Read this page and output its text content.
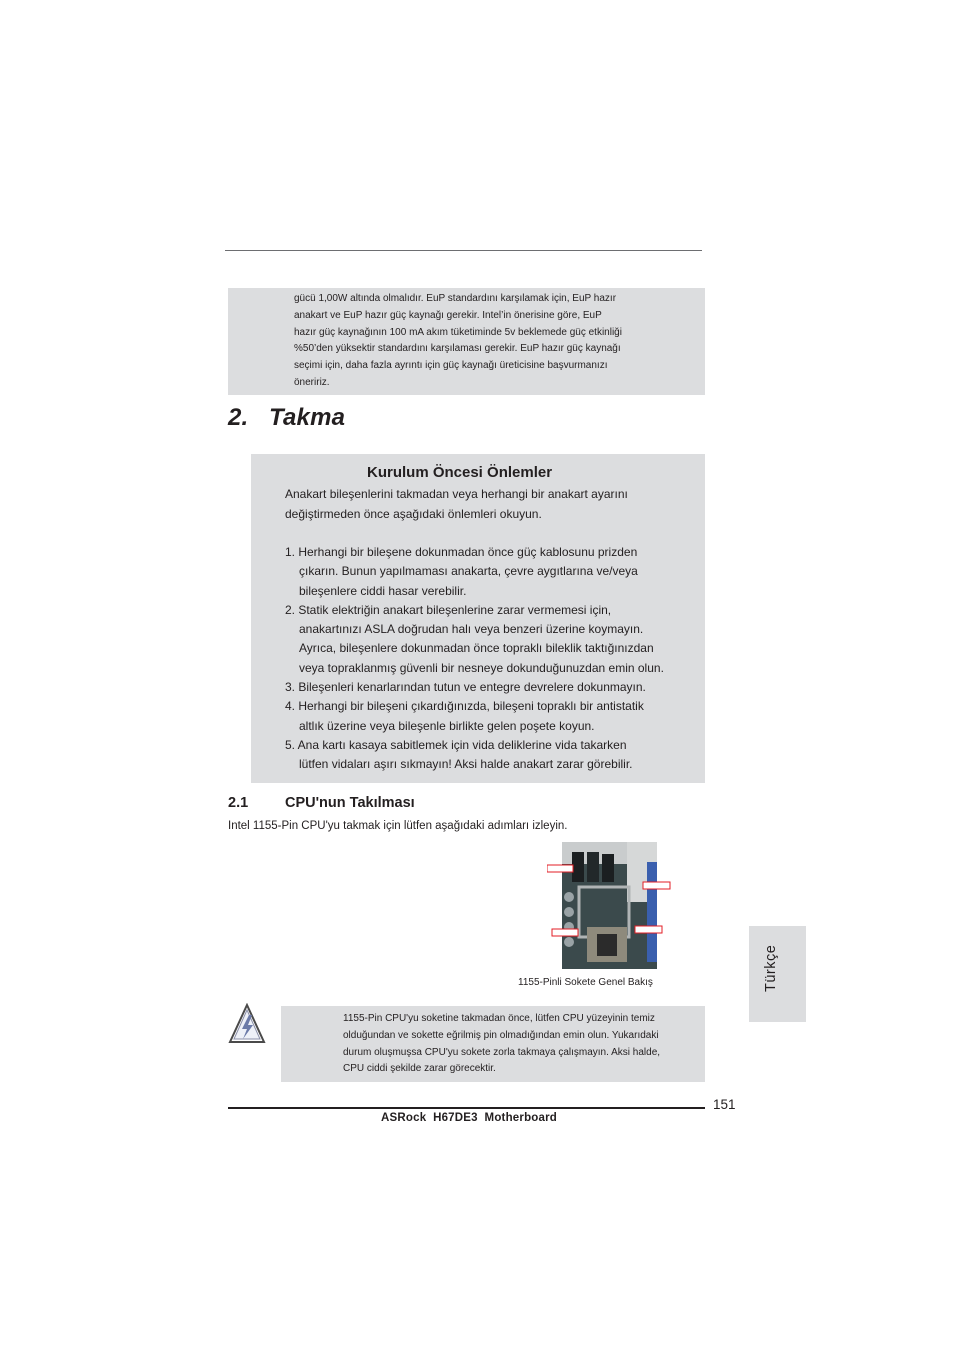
gücü 1,00W altında olmalıdır. EuP standardını karşılamak için, EuP hazır
anakart ve EuP hazır güç kaynağı gerekir. Intel’in önerisine göre, EuP
hazır güç kaynağının 100 mA akım tüketiminde 5v beklemede güç etkinliği
%50’den yüksektir standardını karşılaması gerekir. EuP hazır güç kaynağı
seçimi için, daha fazla ayrıntı için güç kaynağı üreticisine başvurmanızı
öneririz.
2.   Takma
Kurulum Öncesi Önlemler
Anakart bileşenlerini takmadan veya herhangi bir anakart ayarını
değiştirmeden önce aşağıdaki önlemleri okuyun.
1. Herhangi bir bileşene dokunmadan önce güç kablosunu prizden
çıkarın. Bunun yapılmaması anakarta, çevre aygıtlarına ve/veya
bileşenlere ciddi hasar verebilir.
2. Statik elektriğin anakart bileşenlerine zarar vermemesi için,
anakartınızı ASLA doğrudan halı veya benzeri üzerine koymayın.
Ayrıca, bileşenlere dokunmadan önce topraklı bileklik taktığınızdan
veya topraklanmış güvenli bir nesneye dokunduğunuzdan emin olun.
3. Bileşenleri kenarlarından tutun ve entegre devrelere dokunmayın.
4. Herhangi bir bileşeni çıkardığınızda, bileşeni topraklı bir antistatik
altlık üzerine veya bileşenle birlikte gelen poşete koyun.
5. Ana kartı kasaya sabitlemek için vida deliklerine vida takarken
lütfen vidaları aşırı sıkmayın! Aksi halde anakart zarar görebilir.
2.1	CPU'nun Takılması
Intel 1155-Pin CPU'yu takmak için lütfen aşağıdaki adımları izleyin.
1155-Pinli Sokete Genel Bakış	Türkçe
1155-Pin CPU'yu soketine takmadan önce, lütfen CPU yüzeyinin temiz
olduğundan ve sokette eğrilmiş pin olmadığından emin olun. Yukarıdaki
durum oluşmuşsa CPU'yu sokete zorla takmaya çalışmayın. Aksi halde,
CPU ciddi şekilde zarar görecektir.
151
ASRock  H67DE3  Motherboard
